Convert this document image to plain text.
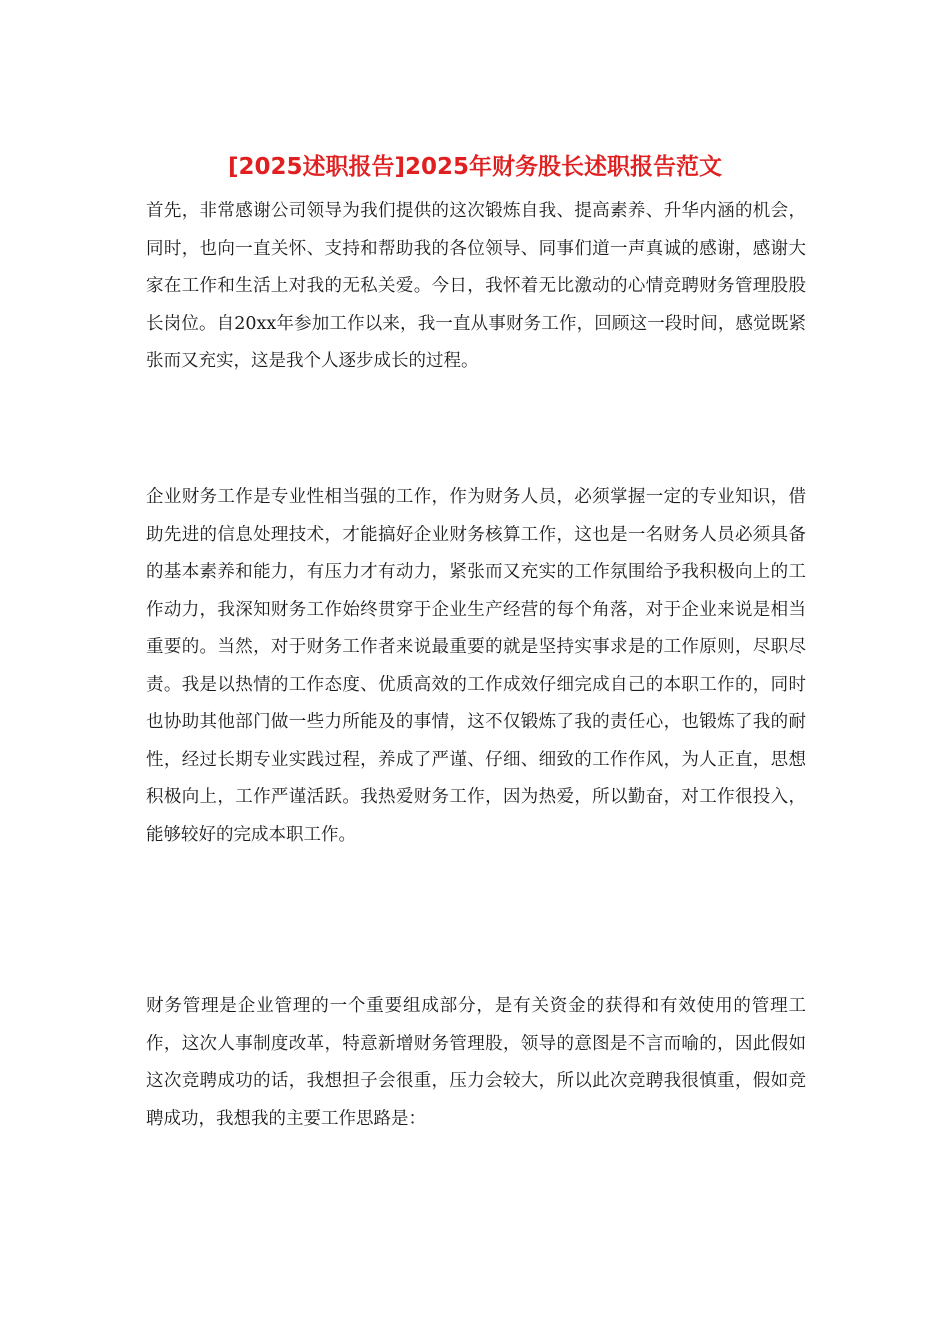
[2025述职报告]2025年财务股长述职报告范文

首先，非常感谢公司领导为我们提供的这次锻炼自我、提高素养、升华内涵的机会，同时，也向一直关怀、支持和帮助我的各位领导、同事们道一声真诚的感谢，感谢大家在工作和生活上对我的无私关爱。今日，我怀着无比激动的心情竞聘财务管理股股长岗位。自20xx年参加工作以来，我一直从事财务工作，回顾这一段时间，感觉既紧张而又充实，这是我个人逐步成长的过程。

企业财务工作是专业性相当强的工作，作为财务人员，必须掌握一定的专业知识，借助先进的信息处理技术，才能搞好企业财务核算工作，这也是一名财务人员必须具备的基本素养和能力，有压力才有动力，紧张而又充实的工作氛围给予我积极向上的工作动力，我深知财务工作始终贯穿于企业生产经营的每个角落，对于企业来说是相当重要的。当然，对于财务工作者来说最重要的就是坚持实事求是的工作原则，尽职尽责。我是以热情的工作态度、优质高效的工作成效仔细完成自己的本职工作的，同时也协助其他部门做一些力所能及的事情，这不仅锻炼了我的责任心，也锻炼了我的耐性，经过长期专业实践过程，养成了严谨、仔细、细致的工作作风，为人正直，思想积极向上，工作严谨活跃。我热爱财务工作，因为热爱，所以勤奋，对工作很投入，能够较好的完成本职工作。

财务管理是企业管理的一个重要组成部分，是有关资金的获得和有效使用的管理工作，这次人事制度改革，特意新增财务管理股，领导的意图是不言而喻的，因此假如这次竞聘成功的话，我想担子会很重，压力会较大，所以此次竞聘我很慎重，假如竞聘成功，我想我的主要工作思路是：
